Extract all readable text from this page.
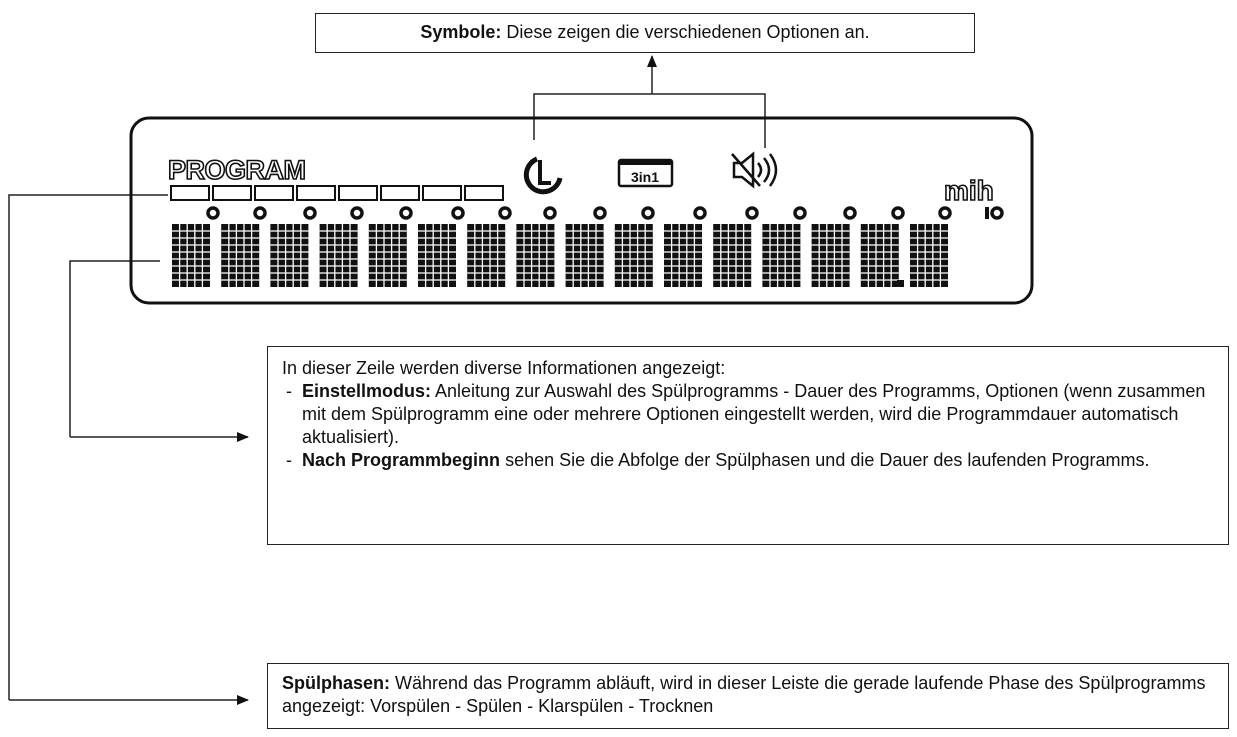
PROGRAM	3in1	mih
Symbole: Diese zeigen die verschiedenen Optionen an.
In dieser Zeile werden diverse Informationen angezeigt:
- Einstellmodus: Anleitung zur Auswahl des Spülprogramms - Dauer des Programms, Optionen (wenn zusammen mit dem Spülprogramm eine oder mehrere Optionen eingestellt werden, wird die Programmdauer automatisch aktualisiert).
- Nach Programmbeginn sehen Sie die Abfolge der Spülphasen und die Dauer des laufenden Programms.
Spülphasen: Während das Programm abläuft, wird in dieser Leiste die gerade laufende Phase des Spülprogramms angezeigt: Vorspülen - Spülen - Klarspülen - Trocknen
